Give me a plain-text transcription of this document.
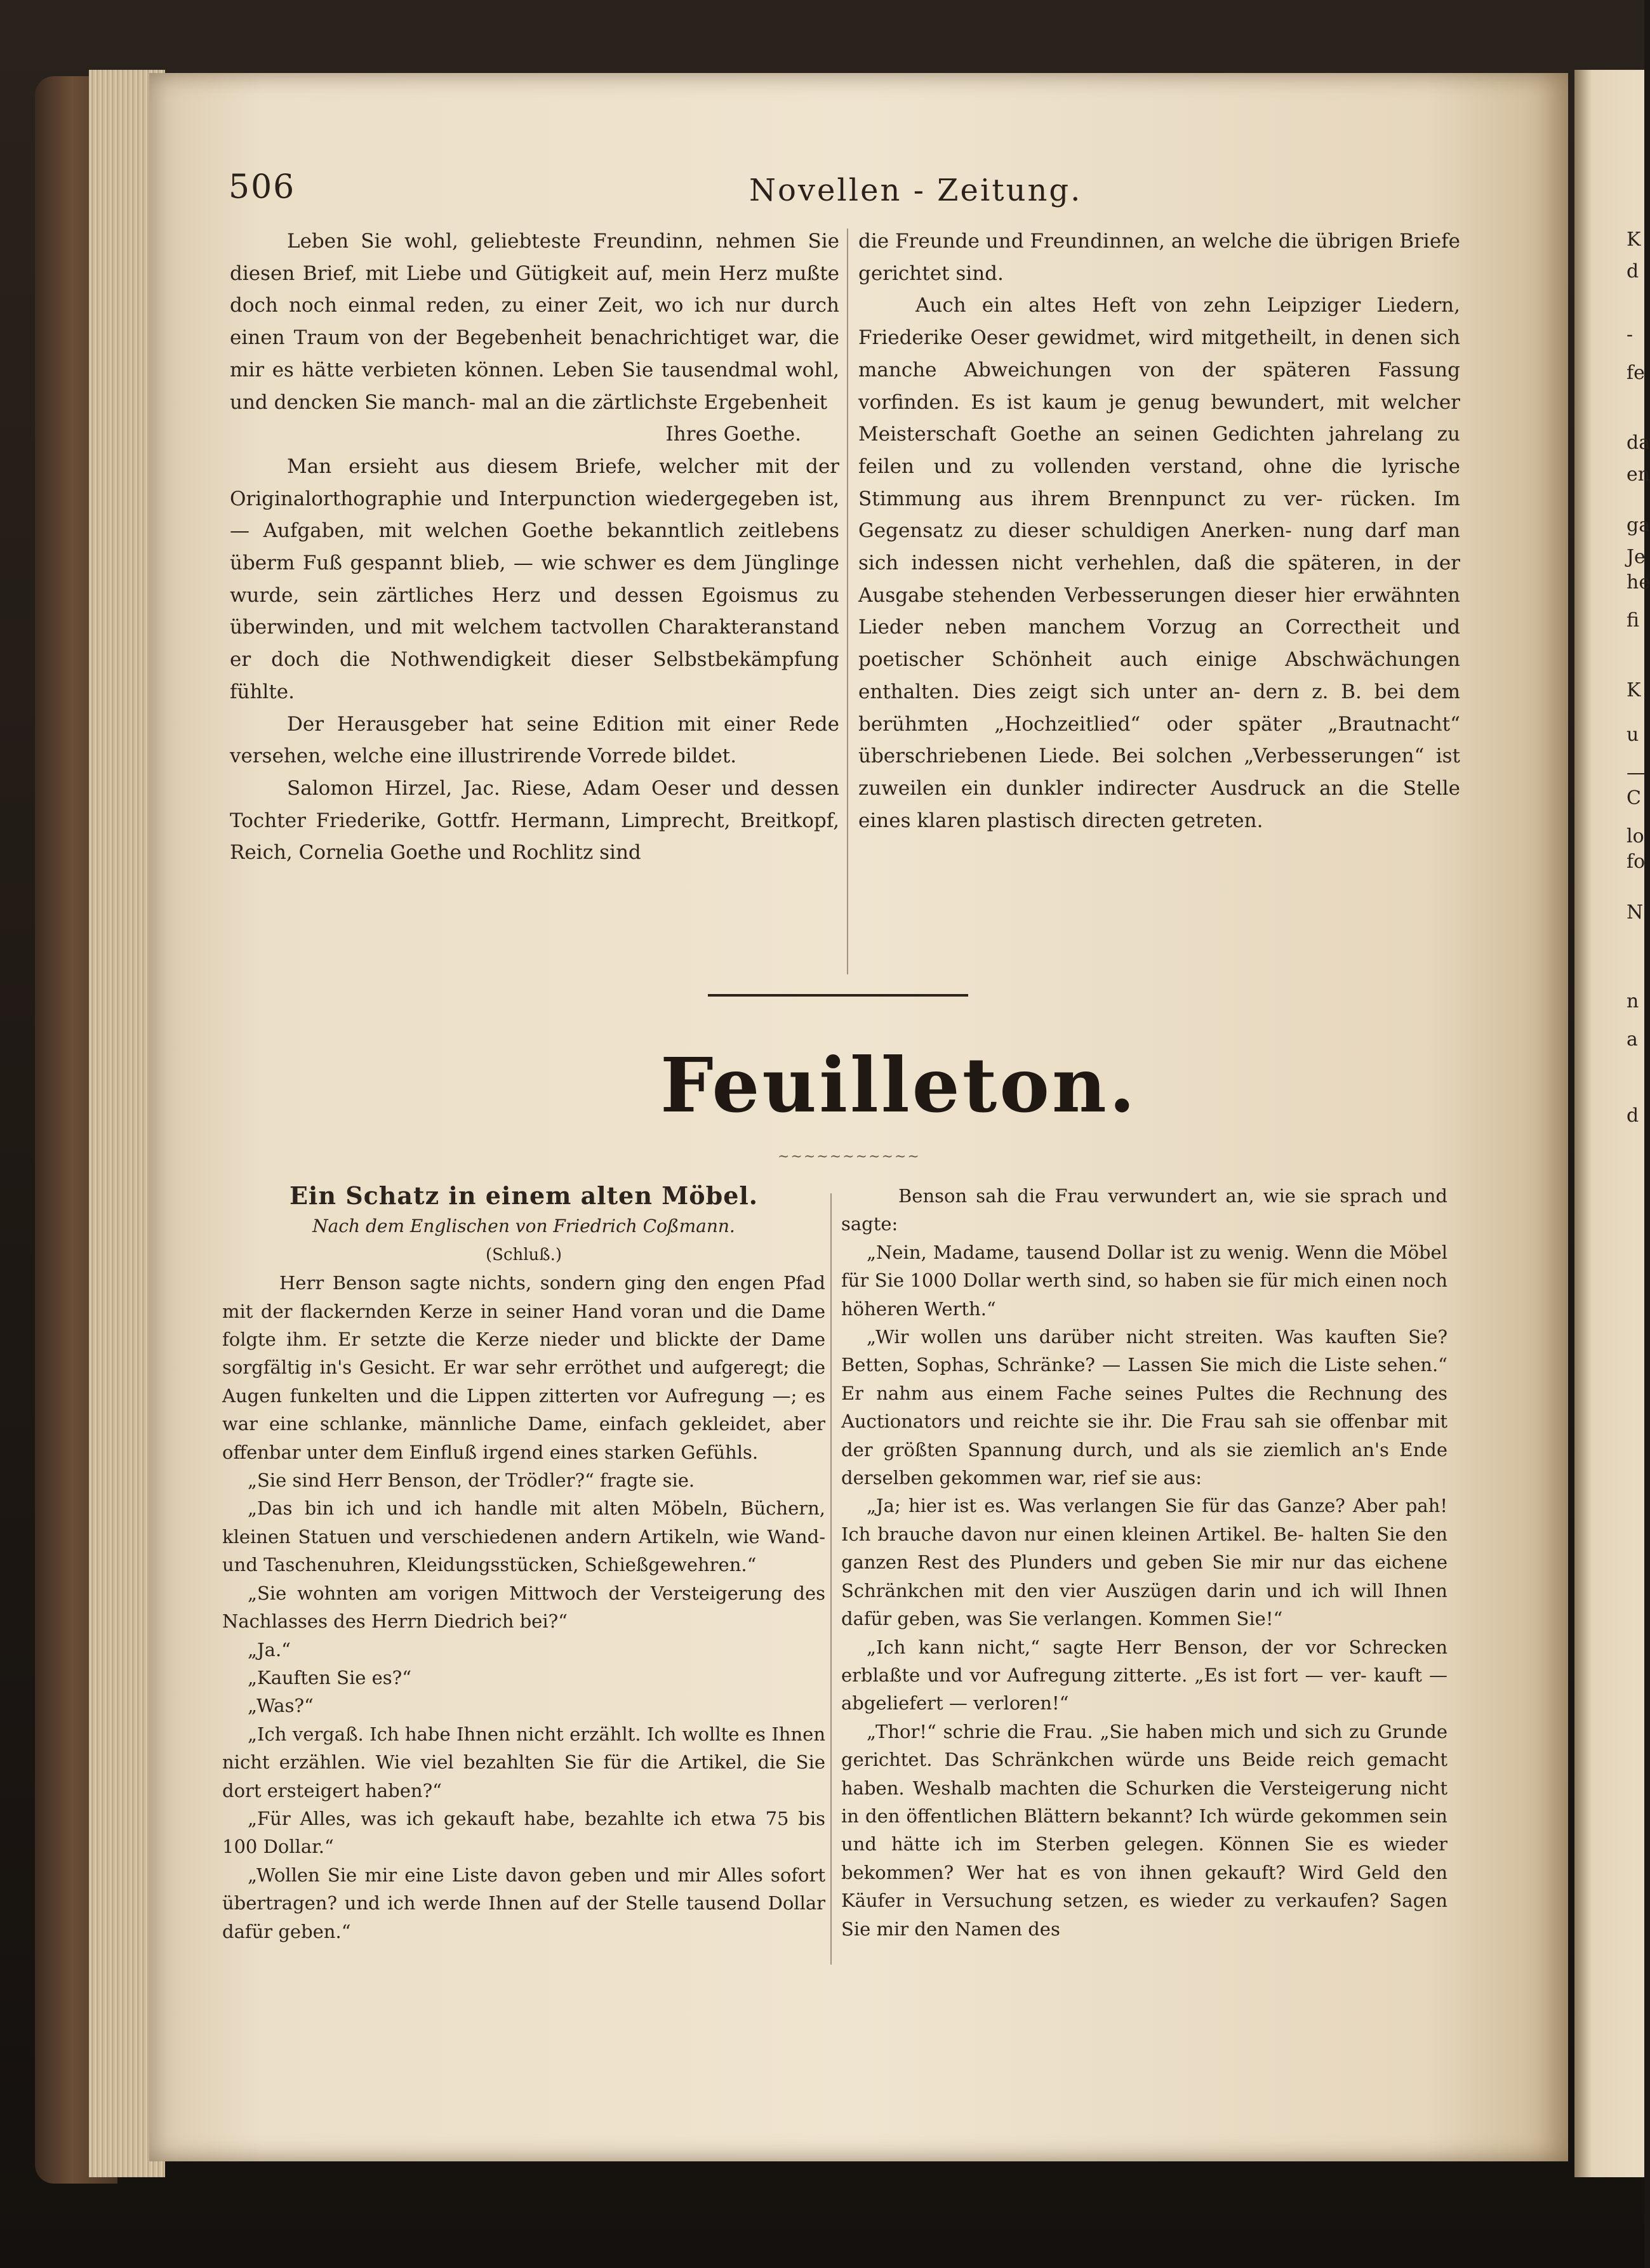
506	Novellen - Zeitung.

Leben Sie wohl, geliebteste Freundinn, nehmen Sie diesen Brief, mit Liebe und Gütigkeit auf, mein Herz mußte doch noch einmal reden, zu einer Zeit, wo ich nur durch einen Traum von der Begebenheit benachrichtiget war, die mir es hätte verbieten können. Leben Sie tausendmal wohl, und dencken Sie manch- mal an die zärtlichste Ergebenheit

Ihres Goethe.

Man ersieht aus diesem Briefe, welcher mit der Originalorthographie und Interpunction wiedergegeben ist, — Aufgaben, mit welchen Goethe bekanntlich zeitlebens überm Fuß gespannt blieb, — wie schwer es dem Jünglinge wurde, sein zärtliches Herz und dessen Egoismus zu überwinden, und mit welchem tactvollen Charakteranstand er doch die Nothwendigkeit dieser Selbstbekämpfung fühlte.

Der Herausgeber hat seine Edition mit einer Rede versehen, welche eine illustrirende Vorrede bildet.

Salomon Hirzel, Jac. Riese, Adam Oeser und dessen Tochter Friederike, Gottfr. Hermann, Limprecht, Breitkopf, Reich, Cornelia Goethe und Rochlitz sind

die Freunde und Freundinnen, an welche die übrigen Briefe gerichtet sind.

Auch ein altes Heft von zehn Leipziger Liedern, Friederike Oeser gewidmet, wird mitgetheilt, in denen sich manche Abweichungen von der späteren Fassung vorfinden. Es ist kaum je genug bewundert, mit welcher Meisterschaft Goethe an seinen Gedichten jahrelang zu feilen und zu vollenden verstand, ohne die lyrische Stimmung aus ihrem Brennpunct zu ver- rücken. Im Gegensatz zu dieser schuldigen Anerken- nung darf man sich indessen nicht verhehlen, daß die späteren, in der Ausgabe stehenden Verbesserungen dieser hier erwähnten Lieder neben manchem Vorzug an Correctheit und poetischer Schönheit auch einige Abschwächungen enthalten. Dies zeigt sich unter an- dern z. B. bei dem berühmten „Hochzeitlied“ oder später „Brautnacht“ überschriebenen Liede. Bei solchen „Verbesserungen“ ist zuweilen ein dunkler indirecter Ausdruck an die Stelle eines klaren plastisch directen getreten.

Feuilleton.
~~~~~~~~~~~

Ein Schatz in einem alten Möbel.

Nach dem Englischen von Friedrich Coßmann.

(Schluß.)

Herr Benson sagte nichts, sondern ging den engen Pfad mit der flackernden Kerze in seiner Hand voran und die Dame folgte ihm. Er setzte die Kerze nieder und blickte der Dame sorgfältig in's Gesicht. Er war sehr erröthet und aufgeregt; die Augen funkelten und die Lippen zitterten vor Aufregung —; es war eine schlanke, männliche Dame, einfach gekleidet, aber offenbar unter dem Einfluß irgend eines starken Gefühls.

„Sie sind Herr Benson, der Trödler?“ fragte sie.

„Das bin ich und ich handle mit alten Möbeln, Büchern, kleinen Statuen und verschiedenen andern Artikeln, wie Wand- und Taschenuhren, Kleidungsstücken, Schießgewehren.“

„Sie wohnten am vorigen Mittwoch der Versteigerung des Nachlasses des Herrn Diedrich bei?“

„Ja.“

„Kauften Sie es?“

„Was?“

„Ich vergaß. Ich habe Ihnen nicht erzählt. Ich wollte es Ihnen nicht erzählen. Wie viel bezahlten Sie für die Artikel, die Sie dort ersteigert haben?“

„Für Alles, was ich gekauft habe, bezahlte ich etwa 75 bis 100 Dollar.“

„Wollen Sie mir eine Liste davon geben und mir Alles sofort übertragen? und ich werde Ihnen auf der Stelle tausend Dollar dafür geben.“

Benson sah die Frau verwundert an, wie sie sprach und sagte:

„Nein, Madame, tausend Dollar ist zu wenig. Wenn die Möbel für Sie 1000 Dollar werth sind, so haben sie für mich einen noch höheren Werth.“

„Wir wollen uns darüber nicht streiten. Was kauften Sie? Betten, Sophas, Schränke? — Lassen Sie mich die Liste sehen.“ Er nahm aus einem Fache seines Pultes die Rechnung des Auctionators und reichte sie ihr. Die Frau sah sie offenbar mit der größten Spannung durch, und als sie ziemlich an's Ende derselben gekommen war, rief sie aus:

„Ja; hier ist es. Was verlangen Sie für das Ganze? Aber pah! Ich brauche davon nur einen kleinen Artikel. Be- halten Sie den ganzen Rest des Plunders und geben Sie mir nur das eichene Schränkchen mit den vier Auszügen darin und ich will Ihnen dafür geben, was Sie verlangen. Kommen Sie!“

„Ich kann nicht,“ sagte Herr Benson, der vor Schrecken erblaßte und vor Aufregung zitterte. „Es ist fort — ver- kauft — abgeliefert — verloren!“

„Thor!“ schrie die Frau. „Sie haben mich und sich zu Grunde gerichtet. Das Schränkchen würde uns Beide reich gemacht haben. Weshalb machten die Schurken die Versteigerung nicht in den öffentlichen Blättern bekannt? Ich würde gekommen sein und hätte ich im Sterben gelegen. Können Sie es wieder bekommen? Wer hat es von ihnen gekauft? Wird Geld den Käufer in Versuchung setzen, es wieder zu verkaufen? Sagen Sie mir den Namen des

K
d
-
fe
da
en
ga
Je
he
fi
K
u
—
C
lo
fo
N
n
a
d
